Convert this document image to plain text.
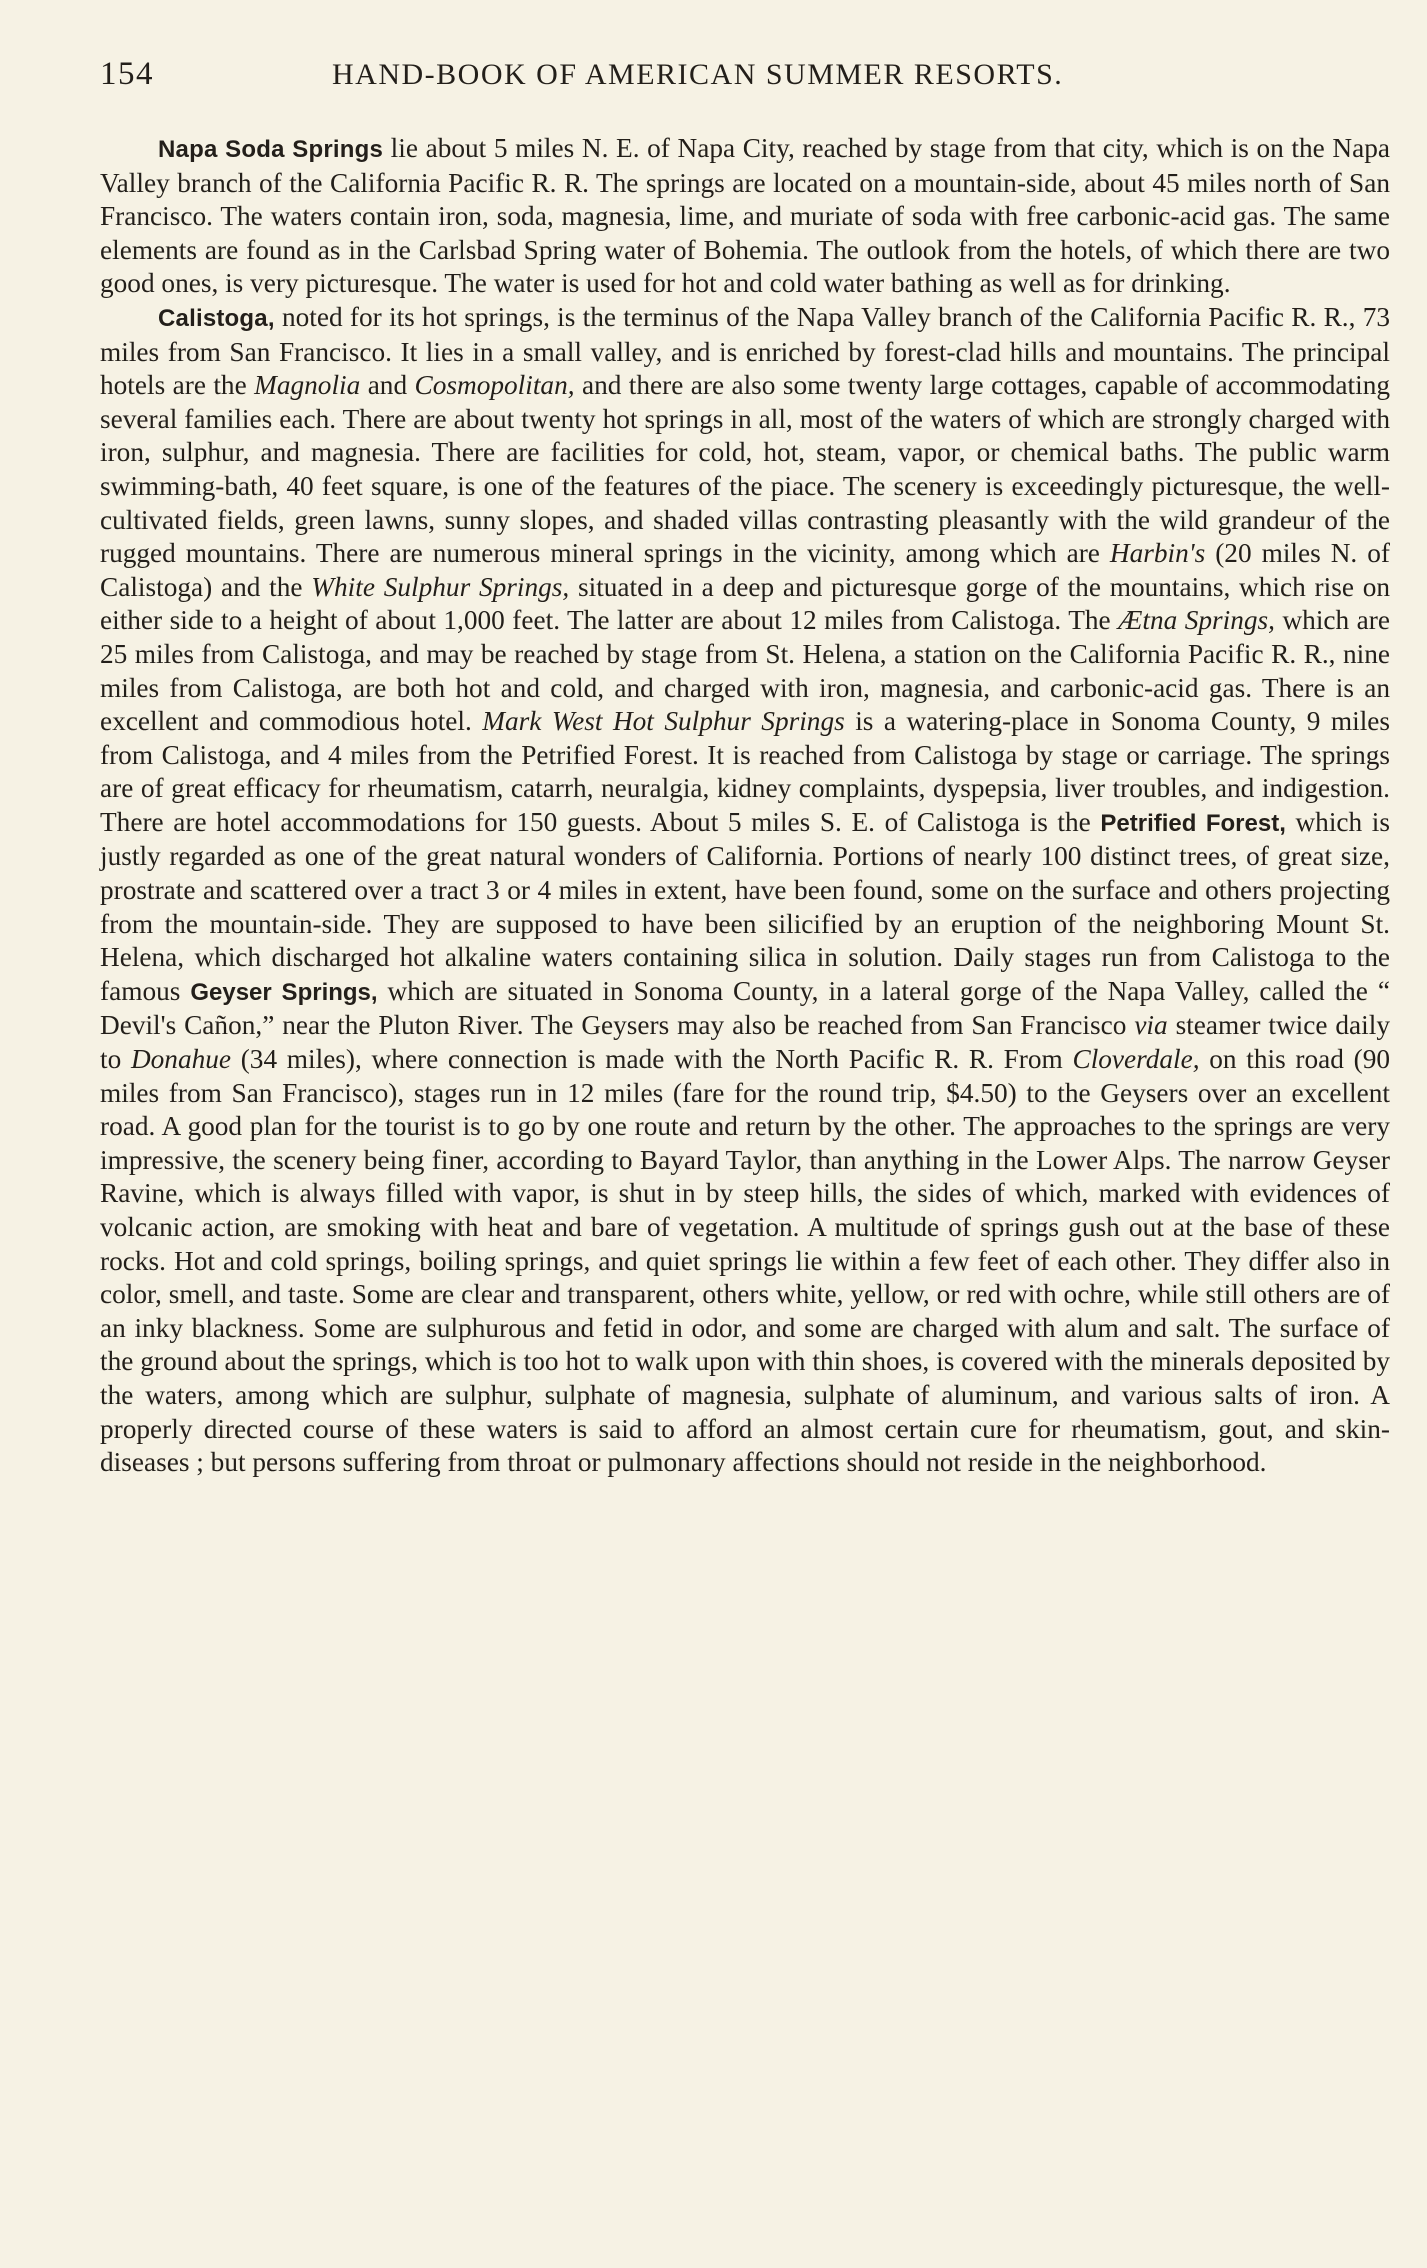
154	HAND-BOOK OF AMERICAN SUMMER RESORTS.

Napa Soda Springs lie about 5 miles N. E. of Napa City, reached by stage from that city, which is on the Napa Valley branch of the California Pacific R. R. The springs are located on a mountain-side, about 45 miles north of San Francisco. The waters contain iron, soda, magnesia, lime, and muriate of soda with free carbonic-acid gas. The same elements are found as in the Carlsbad Spring water of Bohemia. The outlook from the hotels, of which there are two good ones, is very picturesque. The water is used for hot and cold water bathing as well as for drinking.

Calistoga, noted for its hot springs, is the terminus of the Napa Valley branch of the California Pacific R. R., 73 miles from San Francisco. It lies in a small valley, and is enriched by forest-clad hills and mountains. The principal hotels are the Magnolia and Cosmopolitan, and there are also some twenty large cottages, capable of accommodating several families each. There are about twenty hot springs in all, most of the waters of which are strongly charged with iron, sulphur, and magnesia. There are facilities for cold, hot, steam, vapor, or chemical baths. The public warm swimming-bath, 40 feet square, is one of the features of the piace. The scenery is exceedingly picturesque, the well-cultivated fields, green lawns, sunny slopes, and shaded villas contrasting pleasantly with the wild grandeur of the rugged mountains. There are numerous mineral springs in the vicinity, among which are Harbin's (20 miles N. of Calistoga) and the White Sulphur Springs, situated in a deep and picturesque gorge of the mountains, which rise on either side to a height of about 1,000 feet. The latter are about 12 miles from Calistoga. The Ætna Springs, which are 25 miles from Calistoga, and may be reached by stage from St. Helena, a station on the California Pacific R. R., nine miles from Calistoga, are both hot and cold, and charged with iron, magnesia, and carbonic-acid gas. There is an excellent and commodious hotel. Mark West Hot Sulphur Springs is a watering-place in Sonoma County, 9 miles from Calistoga, and 4 miles from the Petrified Forest. It is reached from Calistoga by stage or carriage. The springs are of great efficacy for rheumatism, catarrh, neuralgia, kidney complaints, dyspepsia, liver troubles, and indigestion. There are hotel accommodations for 150 guests. About 5 miles S. E. of Calistoga is the Petrified Forest, which is justly regarded as one of the great natural wonders of California. Portions of nearly 100 distinct trees, of great size, prostrate and scattered over a tract 3 or 4 miles in extent, have been found, some on the surface and others projecting from the mountain-side. They are supposed to have been silicified by an eruption of the neighboring Mount St. Helena, which discharged hot alkaline waters containing silica in solution. Daily stages run from Calistoga to the famous Geyser Springs, which are situated in Sonoma County, in a lateral gorge of the Napa Valley, called the “ Devil's Cañon,” near the Pluton River. The Geysers may also be reached from San Francisco via steamer twice daily to Donahue (34 miles), where connection is made with the North Pacific R. R. From Cloverdale, on this road (90 miles from San Francisco), stages run in 12 miles (fare for the round trip, $4.50) to the Geysers over an excellent road. A good plan for the tourist is to go by one route and return by the other. The approaches to the springs are very impressive, the scenery being finer, according to Bayard Taylor, than anything in the Lower Alps. The narrow Geyser Ravine, which is always filled with vapor, is shut in by steep hills, the sides of which, marked with evidences of volcanic action, are smoking with heat and bare of vegetation. A multitude of springs gush out at the base of these rocks. Hot and cold springs, boiling springs, and quiet springs lie within a few feet of each other. They differ also in color, smell, and taste. Some are clear and transparent, others white, yellow, or red with ochre, while still others are of an inky blackness. Some are sulphurous and fetid in odor, and some are charged with alum and salt. The surface of the ground about the springs, which is too hot to walk upon with thin shoes, is covered with the minerals deposited by the waters, among which are sulphur, sulphate of magnesia, sulphate of aluminum, and various salts of iron. A properly directed course of these waters is said to afford an almost certain cure for rheumatism, gout, and skin-diseases ; but persons suffering from throat or pulmonary affections should not reside in the neighborhood.
